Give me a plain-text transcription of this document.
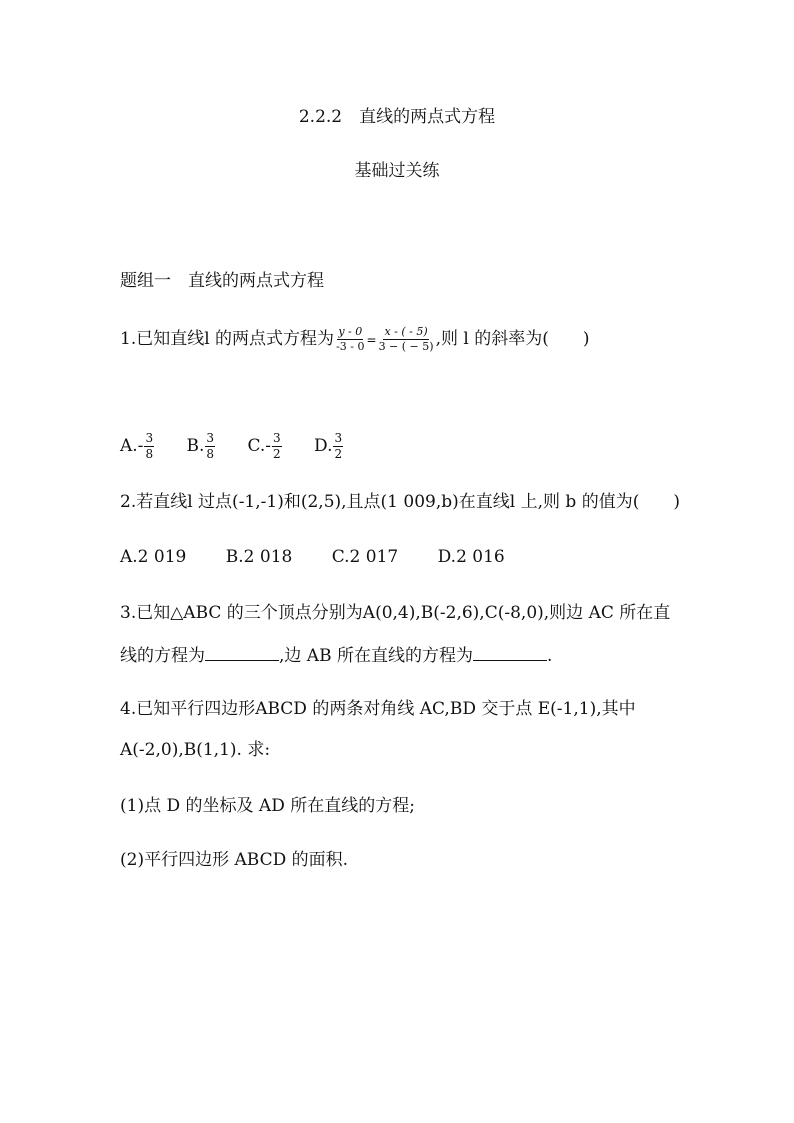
2.2.2　直线的两点式方程
基础过关练
题组一　直线的两点式方程
1.已知直线l 的两点式方程为 $\frac{y - 0}{-3 - 0} = \frac{x - ( - 5)}{3 - ( - 5)}$ ,则 l 的斜率为(　　)
$A.- \frac{3}{8} B$. $\frac{3}{8} C.- \frac{3}{2} D$. $\frac{3}{2}$
2.若直线l 过点(-1,-1)和(2,5),且点(1 009,b)在直线l 上,则 b 的值为(　　)
A.2 019 B.2 018 C.2 017 D.2 016
3.已知△ABC 的三个顶点分别为A(0,4),B(-2,6),C(-8,0),则边 AC 所在直
线的方程为	,边 AB 所在直线的方程为	.
4.已知平行四边形ABCD 的两条对角线 AC,BD 交于点 E(-1,1),其中
A(-2,0),B(1,1). 求:
(1)点 D 的坐标及 AD 所在直线的方程;
(2)平行四边形 ABCD 的面积.
